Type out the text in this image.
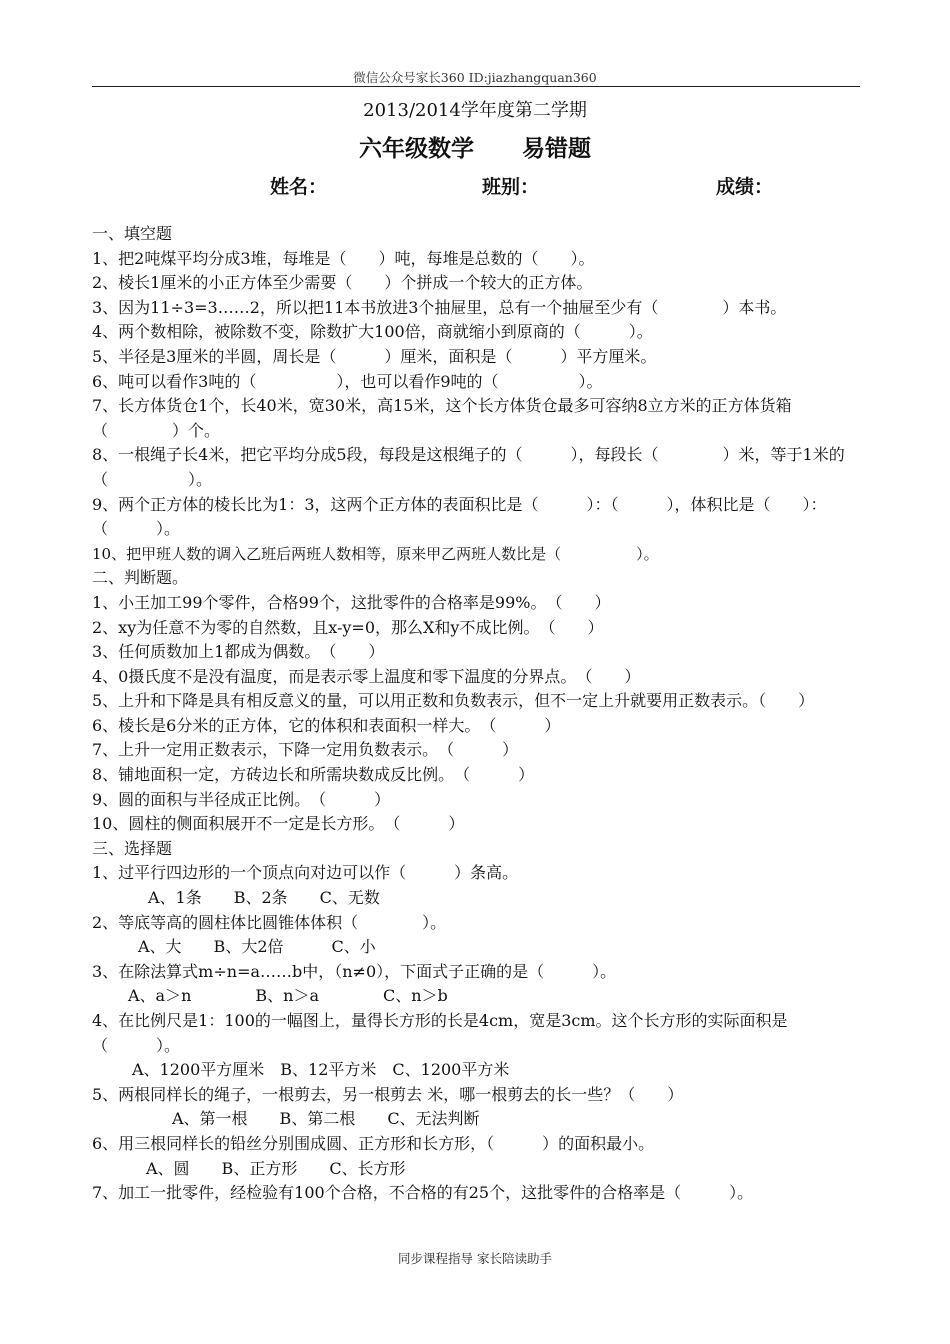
微信公众号家长360 ID:jiazhangquan360
2013/2014学年度第二学期
六年级数学 易错题
姓名：	班别：	成绩：
一、填空题
1、把2吨煤平均分成3堆，每堆是（　　）吨，每堆是总数的（　　）。
2、棱长1厘米的小正方体至少需要（　　）个拼成一个较大的正方体。
3、因为11÷3=3……2，所以把11本书放进3个抽屉里，总有一个抽屉至少有（　　　　）本书。
4、两个数相除，被除数不变，除数扩大100倍，商就缩小到原商的（　　　）。
5、半径是3厘米的半圆，周长是（　　　）厘米，面积是（　　　）平方厘米。
6、吨可以看作3吨的（　　　　　），也可以看作9吨的（　　　　　）。
7、长方体货仓1个，长40米，宽30米，高15米，这个长方体货仓最多可容纳8立方米的正方体货箱（　　　　）个。
8、一根绳子长4米，把它平均分成5段，每段是这根绳子的（　　　），每段长（　　　　）米，等于1米的（　　　　　）。
9、两个正方体的棱长比为1：3，这两个正方体的表面积比是（　　　）：（　　　），体积比是（　　）：（　　　）。
10、把甲班人数的调入乙班后两班人数相等，原来甲乙两班人数比是（　　　　　）。
二、判断题。
1、小王加工99个零件，合格99个，这批零件的合格率是99%。　（　　）
2、xy为任意不为零的自然数，且x-y=0，那么X和y不成比例。　（　　）
3、任何质数加上1都成为偶数。　（　　）
4、0摄氏度不是没有温度，而是表示零上温度和零下温度的分界点。　（　　）
5、上升和下降是具有相反意义的量，可以用正数和负数表示，但不一定上升就要用正数表示。（　　）
6、棱长是6分米的正方体，它的体积和表面积一样大。　（　　　）
7、上升一定用正数表示，下降一定用负数表示。　（　　　）
8、铺地面积一定，方砖边长和所需块数成反比例。　（　　　）
9、圆的面积与半径成正比例。　（　　　）
10、圆柱的侧面积展开不一定是长方形。　（　　　）
三、选择题
1、过平行四边形的一个顶点向对边可以作（　　　）条高。
A、1条　　B、2条　　C、无数
2、等底等高的圆柱体比圆锥体体积（　　　　）。
A、大　　B、大2倍　　　C、小
3、在除法算式m÷n=a……b中，（n≠0），下面式子正确的是（　　　）。
A、a＞n　　　　B、n＞a　　　　C、n＞b
4、在比例尺是1：100的一幅图上，量得长方形的长是4cm，宽是3cm。这个长方形的实际面积是（　　　）。
A、1200平方厘米　B、12平方米　C、1200平方米
5、两根同样长的绳子，一根剪去，另一根剪去 米，哪一根剪去的长一些？（　　）
A、第一根　　B、第二根　　C、无法判断
6、用三根同样长的铅丝分别围成圆、正方形和长方形，（　　　）的面积最小。
A、圆　　B、正方形　　C、长方形
7、加工一批零件，经检验有100个合格，不合格的有25个，这批零件的合格率是（　　　）。
同步课程指导 家长陪读助手
